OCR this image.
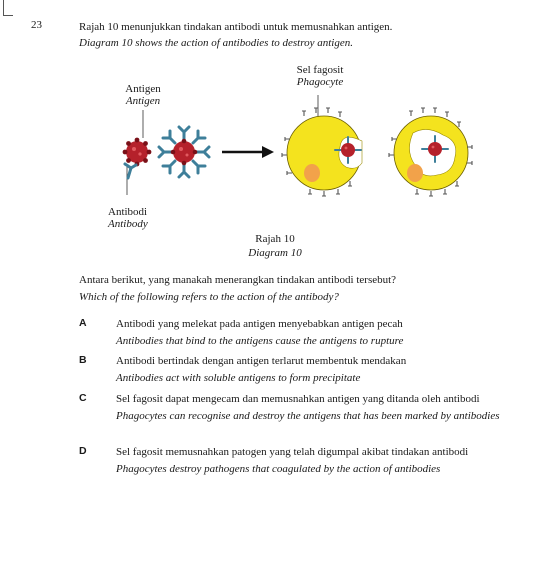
23	Rajah 10 menunjukkan tindakan antibodi untuk memusnahkan antigen.
Diagram 10 shows the action of antibodies to destroy antigen.
Antigen
Antigen
Antibodi
Antibody
Sel fagosit
Phagocyte
Rajah 10
Diagram 10
Antara berikut, yang manakah menerangkan tindakan antibodi tersebut?
Which of the following refers to the action of the antibody?
A	Antibodi yang melekat pada antigen menyebabkan antigen pecah
Antibodies that bind to the antigens cause the antigens to rupture
B	Antibodi bertindak dengan antigen terlarut membentuk mendakan
Antibodies act with soluble antigens to form precipitate
C	Sel fagosit dapat mengecam dan memusnahkan antigen yang ditanda oleh antibodi
Phagocytes can recognise and destroy the antigens that has been marked by antibodies
D	Sel fagosit memusnahkan patogen yang telah digumpal akibat tindakan antibodi
Phagocytes destroy pathogens that coagulated by the action of antibodies
